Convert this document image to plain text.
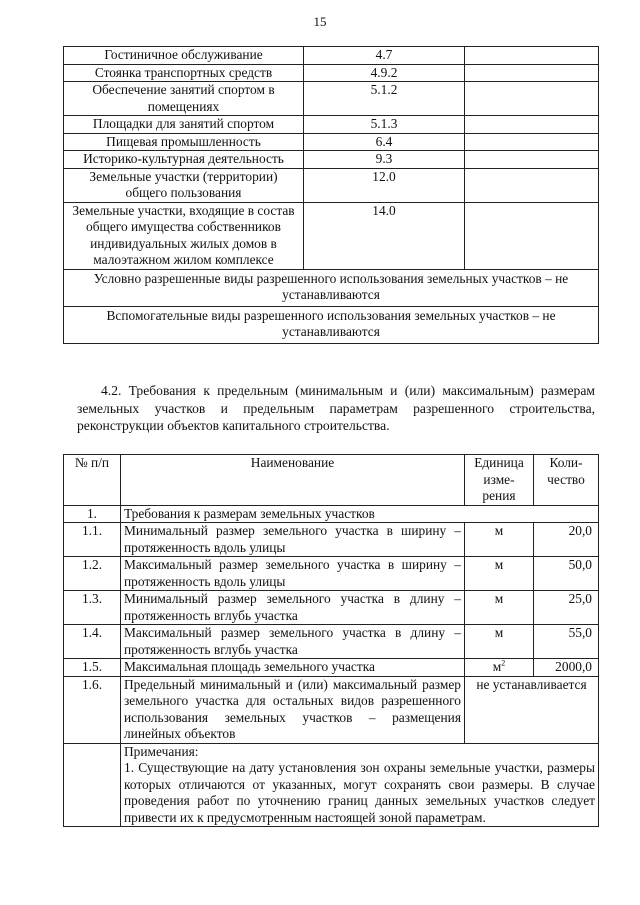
15
Гостиничное обслуживание	4.7	
Стоянка транспортных средств	4.9.2	
Обеспечение занятий спортом в помещениях	5.1.2	
Площадки для занятий спортом	5.1.3	
Пищевая промышленность	6.4	
Историко-культурная деятельность	9.3	
Земельные участки (территории) общего пользования	12.0	
Земельные участки, входящие в состав общего имущества собственников индивидуальных жилых домов в малоэтажном жилом комплексе	14.0	
Условно разрешенные виды разрешенного использования земельных участков – не устанавливаются		
Вспомогательные виды разрешенного использования земельных участков – не устанавливаются		
4.2. Требования к предельным (минимальным и (или) максимальным) размерам земельных участков и предельным параметрам разрешенного строительства, реконструкции объектов капитального строительства.
№ п/п	Наименование	Единица изме-рения	Коли-чество
1.	Требования к размерам земельных участков		
1.1.	Минимальный размер земельного участка в ширину – протяженность вдоль улицы	м	20,0
1.2.	Максимальный размер земельного участка в ширину – протяженность вдоль улицы	м	50,0
1.3.	Минимальный размер земельного участка в длину – протяженность вглубь участка	м	25,0
1.4.	Максимальный размер земельного участка в длину – протяженность вглубь участка	м	55,0
1.5.	Максимальная площадь земельного участка	$м^2$	2000,0
1.6.	Предельный минимальный и (или) максимальный размер земельного участка для остальных видов разрешенного использования земельных участков – размещения линейных объектов	не устанавливается	

	Примечания:
1. Существующие на дату установления зон охраны земельные участки, размеры которых отличаются от указанных, могут сохранять свои размеры. В случае проведения работ по уточнению границ данных земельных участков следует привести их к предусмотренным настоящей зоной параметрам.		
